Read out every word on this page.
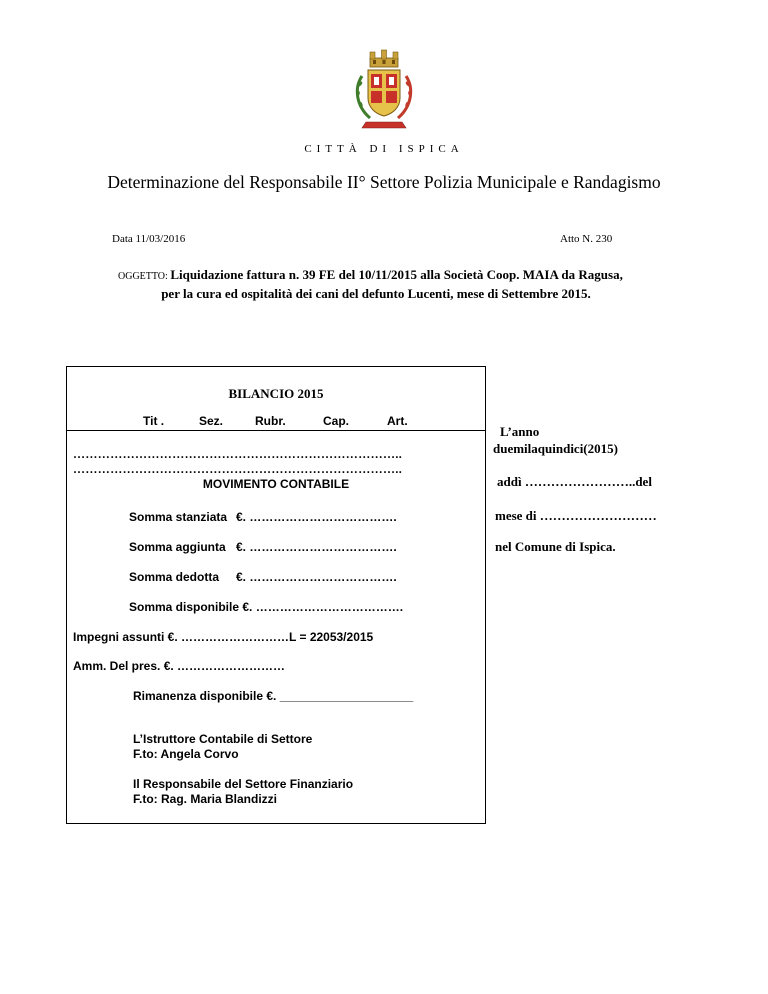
CITTÀ DI ISPICA
Determinazione del Responsabile II° Settore Polizia Municipale e Randagismo
Data 11/03/2016	Atto N. 230
OGGETTO: Liquidazione fattura n. 39 FE del 10/11/2015 alla Società Coop. MAIA da Ragusa,
per la cura ed ospitalità dei cani del defunto Lucenti, mese di Settembre 2015.
BILANCIO 2015
Tit .	Sez.	Rubr.	Cap.	Art.
……………………………………………………………………..
……………………………………………………………………..
MOVIMENTO CONTABILE
Somma stanziata €. ……………………………….
Somma aggiunta €. ……………………………….
Somma dedotta €. ……………………………….
Somma disponibile €. ……………………………….
Impegni assunti €. ………………………L = 22053/2015
Amm. Del pres. €. ………………………
Rimanenza disponibile €. ____________________
L’Istruttore Contabile di Settore
F.to: Angela Corvo
Il Responsabile del Settore Finanziario
F.to: Rag. Maria Blandizzi
L’anno
duemilaquindici(2015)
addì ……………………..del
mese di ………………………
nel Comune di Ispica.
